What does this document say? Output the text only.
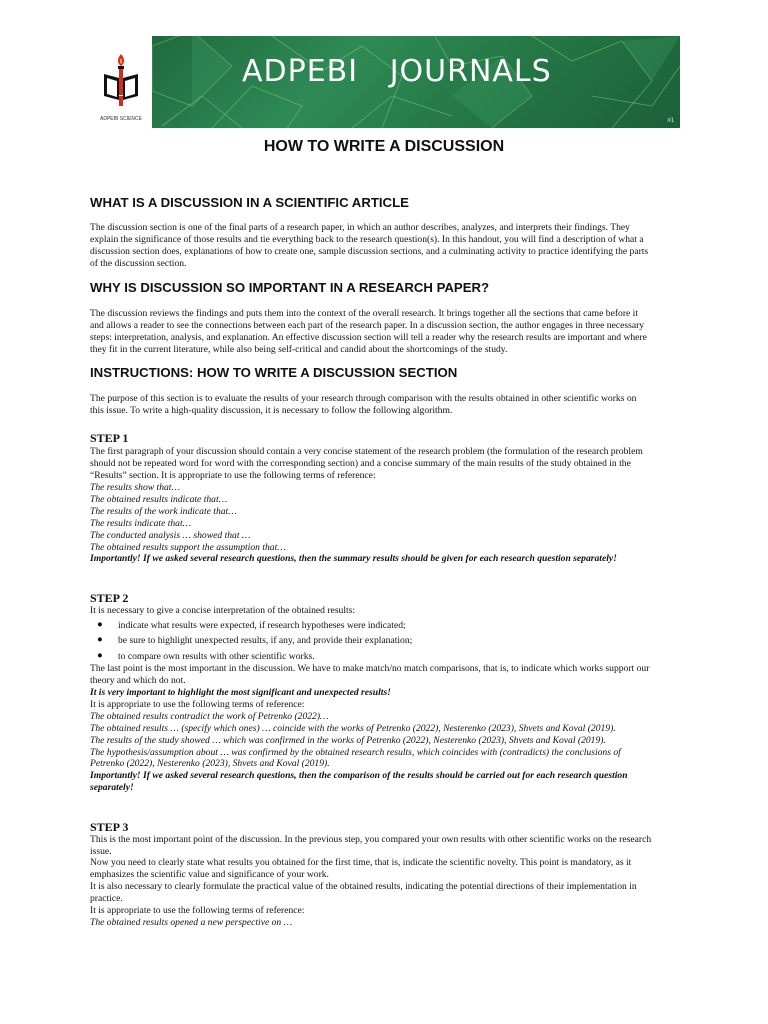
ADPEBI SCIENCE
ADPEBI   JOURNALS
#1
HOW TO WRITE A DISCUSSION
WHAT IS A DISCUSSION IN A SCIENTIFIC ARTICLE
The discussion section is one of the final parts of a research paper, in which an author describes, analyzes, and interprets their findings. They
explain the significance of those results and tie everything back to the research question(s). In this handout, you will find a description of what a
discussion section does, explanations of how to create one, sample discussion sections, and a culminating activity to practice identifying the parts
of the discussion section.
WHY IS DISCUSSION SO IMPORTANT IN A RESEARCH PAPER?
The discussion reviews the findings and puts them into the context of the overall research. It brings together all the sections that came before it
and allows a reader to see the connections between each part of the research paper. In a discussion section, the author engages in three necessary
steps: interpretation, analysis, and explanation. An effective discussion section will tell a reader why the research results are important and where
they fit in the current literature, while also being self-critical and candid about the shortcomings of the study.
INSTRUCTIONS: HOW TO WRITE A DISCUSSION SECTION
The purpose of this section is to evaluate the results of your research through comparison with the results obtained in other scientific works on
this issue. To write a high-quality discussion, it is necessary to follow the following algorithm.
STEP 1
The first paragraph of your discussion should contain a very concise statement of the research problem (the formulation of the research problem
should not be repeated word for word with the corresponding section) and a concise summary of the main results of the study obtained in the
“Results” section. It is appropriate to use the following terms of reference:
The results show that…
The obtained results indicate that…
The results of the work indicate that…
The results indicate that…
The conducted analysis … showed that …
The obtained results support the assumption that…
Importantly! If we asked several research questions, then the summary results should be given for each research question separately!
STEP 2
It is necessary to give a concise interpretation of the obtained results:
● indicate what results were expected, if research hypotheses were indicated;
● be sure to highlight unexpected results, if any, and provide their explanation;
● to compare own results with other scientific works.
The last point is the most important in the discussion. We have to make match/no match comparisons, that is, to indicate which works support our
theory and which do not.
It is very important to highlight the most significant and unexpected results!
It is appropriate to use the following terms of reference:
The obtained results contradict the work of Petrenko (2022)…
The obtained results … (specify which ones) … coincide with the works of Petrenko (2022), Nesterenko (2023), Shvets and Koval (2019).
The results of the study showed … which was confirmed in the works of Petrenko (2022), Nesterenko (2023), Shvets and Koval (2019).
The hypothesis/assumption about … was confirmed by the obtained research results, which coincides with (contradicts) the conclusions of
Petrenko (2022), Nesterenko (2023), Shvets and Koval (2019).
Importantly! If we asked several research questions, then the comparison of the results should be carried out for each research question
separately!
STEP 3
This is the most important point of the discussion. In the previous step, you compared your own results with other scientific works on the research
issue.
Now you need to clearly state what results you obtained for the first time, that is, indicate the scientific novelty. This point is mandatory, as it
emphasizes the scientific value and significance of your work.
It is also necessary to clearly formulate the practical value of the obtained results, indicating the potential directions of their implementation in
practice.
It is appropriate to use the following terms of reference:
The obtained results opened a new perspective on …
